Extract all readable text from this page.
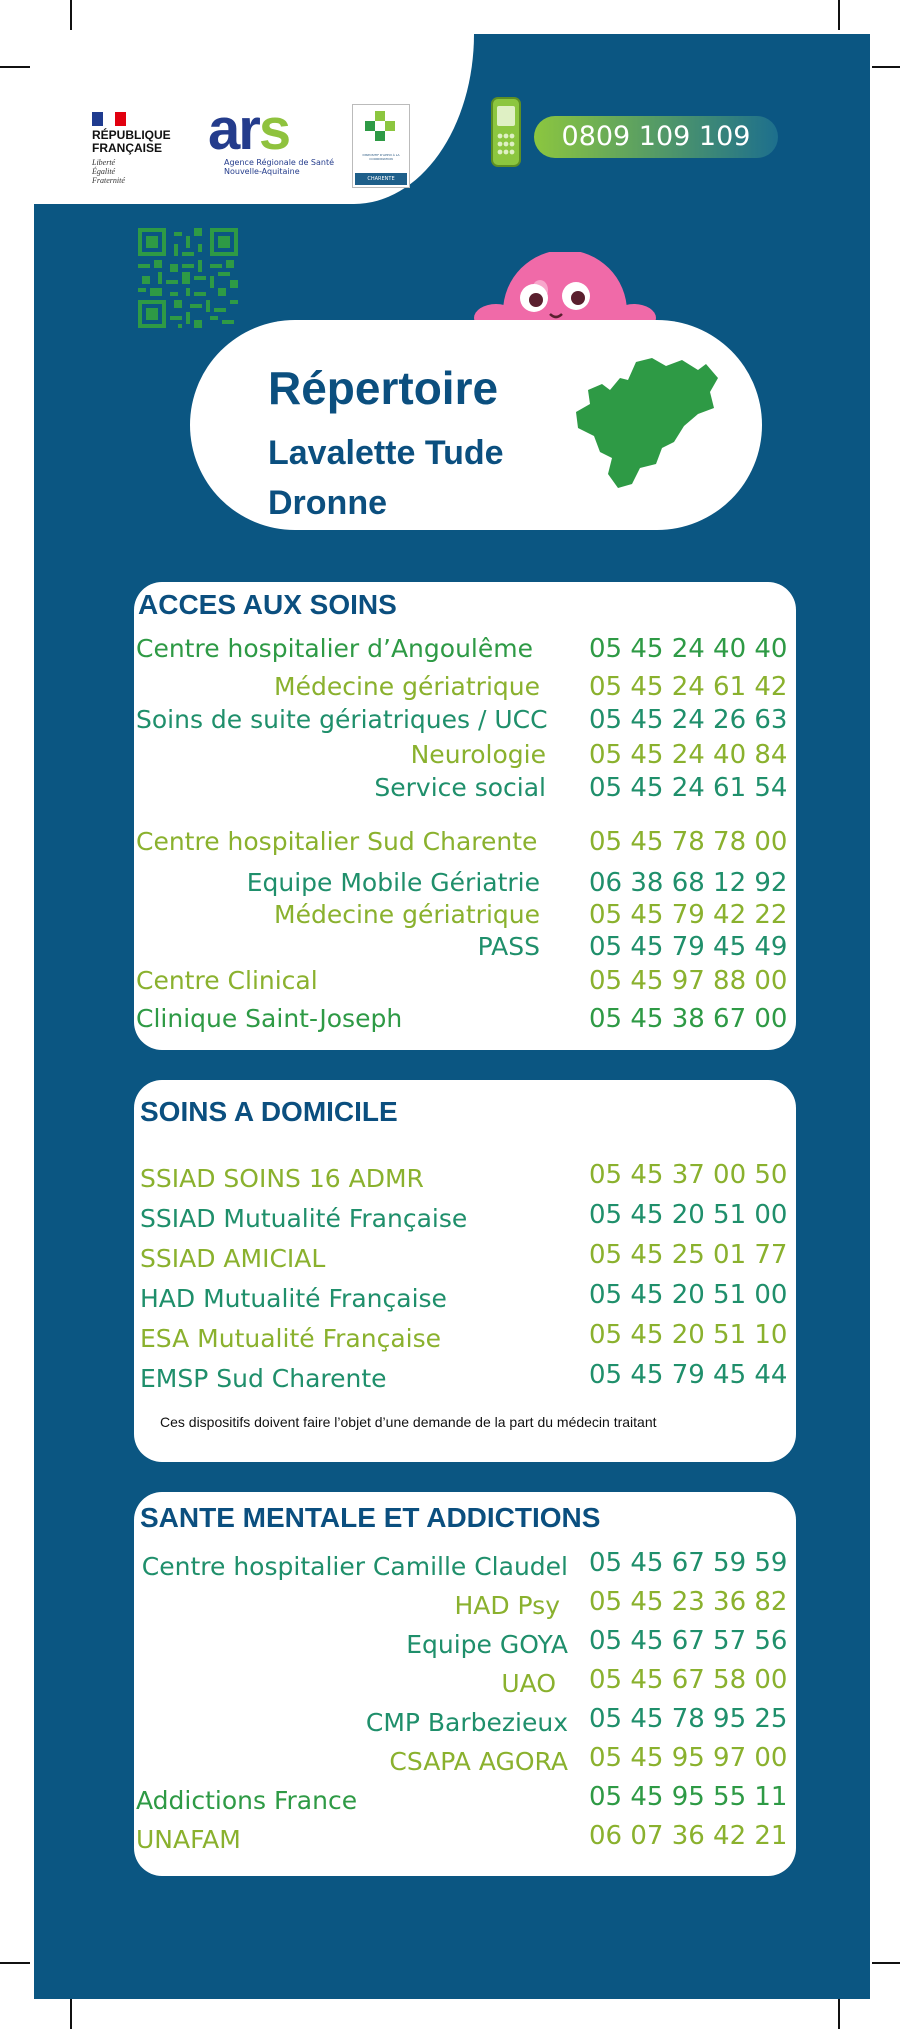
RÉPUBLIQUE
FRANÇAISE
Liberté
Égalité
Fraternité
ars
Agence Régionale de Santé
Nouvelle-Aquitaine
DISPOSITIF D'APPUI À LA COORDINATION
CHARENTE
0809 109 109
Répertoire
Lavalette Tude
Dronne
ACCES AUX SOINS
Centre hospitalier d’Angoulême 05 45 24 40 40
Médecine gériatrique 05 45 24 61 42
Soins de suite gériatriques / UCC 05 45 24 26 63
Neurologie 05 45 24 40 84
Service social 05 45 24 61 54
Centre hospitalier Sud Charente 05 45 78 78 00
Equipe Mobile Gériatrie 06 38 68 12 92
Médecine gériatrique 05 45 79 42 22
PASS 05 45 79 45 49
Centre Clinical	05 45 97 88 00
Clinique Saint-Joseph	05 45 38 67 00
SOINS A DOMICILE
SSIAD SOINS 16 ADMR	05 45 37 00 50
SSIAD Mutualité Française	05 45 20 51 00
SSIAD AMICIAL	05 45 25 01 77
HAD Mutualité Française	05 45 20 51 00
ESA Mutualité Française	05 45 20 51 10
EMSP Sud Charente	05 45 79 45 44
Ces dispositifs doivent faire l’objet d’une demande de la part du médecin traitant
SANTE MENTALE ET ADDICTIONS
Centre hospitalier Camille Claudel 05 45 67 59 59
HAD Psy 05 45 23 36 82
Equipe GOYA 05 45 67 57 56
UAO 05 45 67 58 00
CMP Barbezieux 05 45 78 95 25
CSAPA AGORA 05 45 95 97 00
Addictions France	05 45 95 55 11
UNAFAM	06 07 36 42 21
